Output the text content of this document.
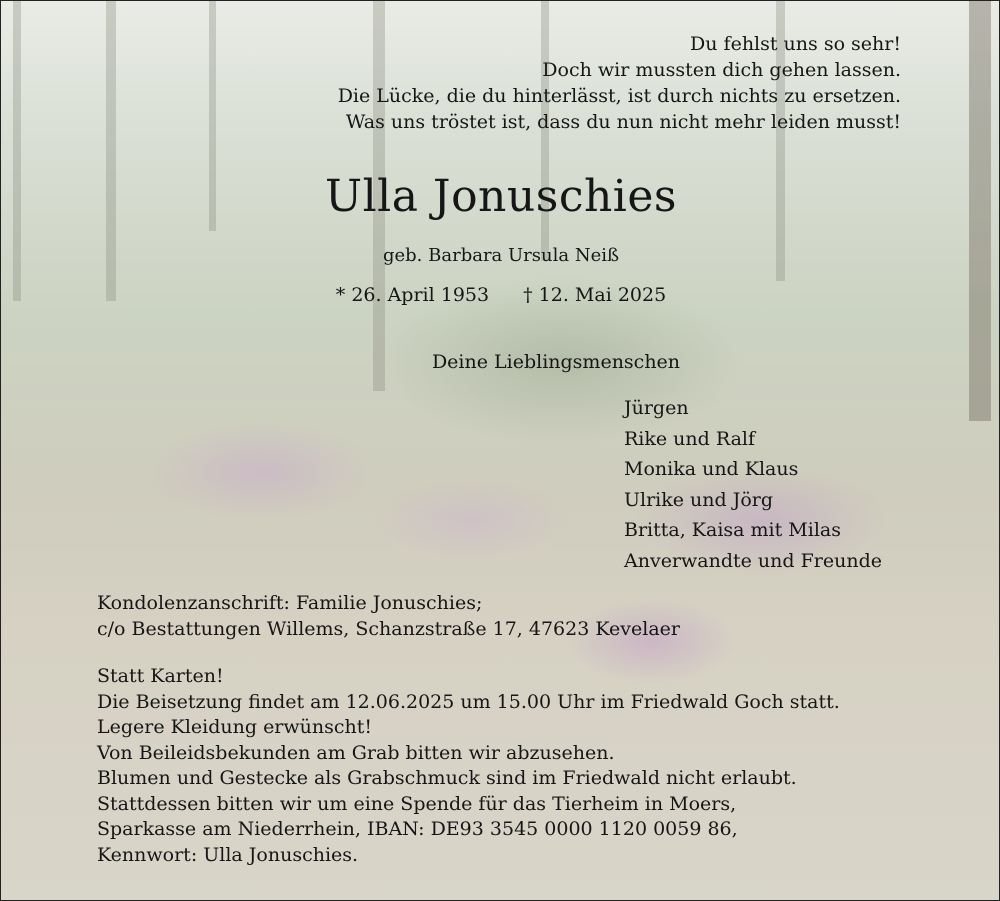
Du fehlst uns so sehr!
Doch wir mussten dich gehen lassen.
Die Lücke, die du hinterlässt, ist durch nichts zu ersetzen.
Was uns tröstet ist, dass du nun nicht mehr leiden musst!
Ulla Jonuschies
geb. Barbara Ursula Neiß
* 26. April 1953 † 12. Mai 2025
Deine Lieblingsmenschen
Jürgen
Rike und Ralf
Monika und Klaus
Ulrike und Jörg
Britta, Kaisa mit Milas
Anverwandte und Freunde
Kondolenzanschrift: Familie Jonuschies;
c/o Bestattungen Willems, Schanzstraße 17, 47623 Kevelaer
Statt Karten!
Die Beisetzung findet am 12.06.2025 um 15.00 Uhr im Friedwald Goch statt.
Legere Kleidung erwünscht!
Von Beileidsbekunden am Grab bitten wir abzusehen.
Blumen und Gestecke als Grabschmuck sind im Friedwald nicht erlaubt.
Stattdessen bitten wir um eine Spende für das Tierheim in Moers,
Sparkasse am Niederrhein, IBAN: DE93 3545 0000 1120 0059 86,
Kennwort: Ulla Jonuschies.
